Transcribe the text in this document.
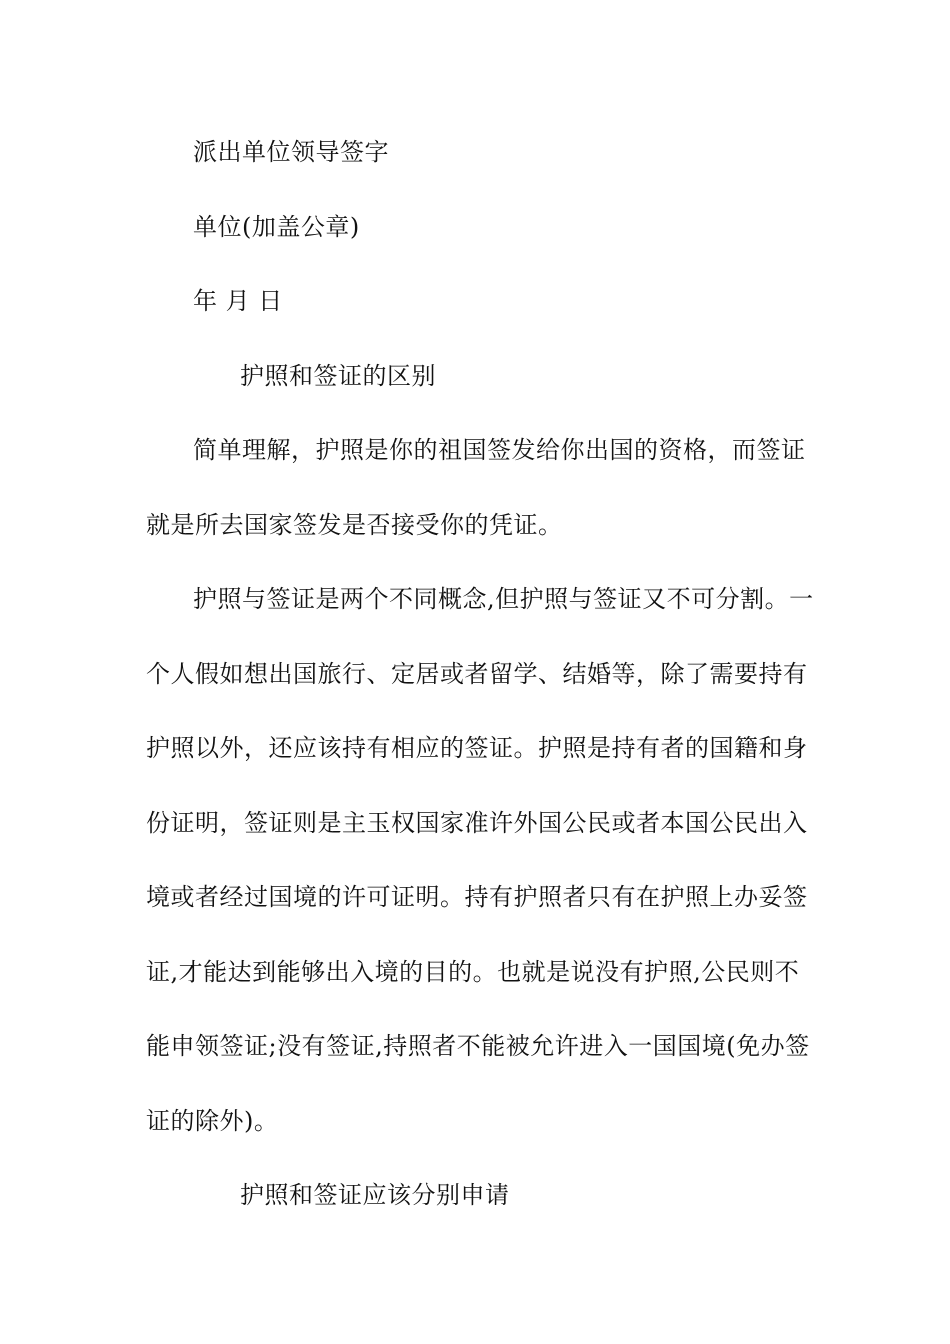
派出单位领导签字
单位(加盖公章)
年 月 日
护照和签证的区别
简单理解，护照是你的祖国签发给你出国的资格，而签证
就是所去国家签发是否接受你的凭证。
护照与签证是两个不同概念,但护照与签证又不可分割。一
个人假如想出国旅行、定居或者留学、结婚等，除了需要持有
护照以外，还应该持有相应的签证。护照是持有者的国籍和身
份证明，签证则是主玉权国家准许外国公民或者本国公民出入
境或者经过国境的许可证明。持有护照者只有在护照上办妥签
证,才能达到能够出入境的目的。也就是说没有护照,公民则不
能申领签证;没有签证,持照者不能被允许进入一国国境(免办签
证的除外)。
护照和签证应该分别申请
